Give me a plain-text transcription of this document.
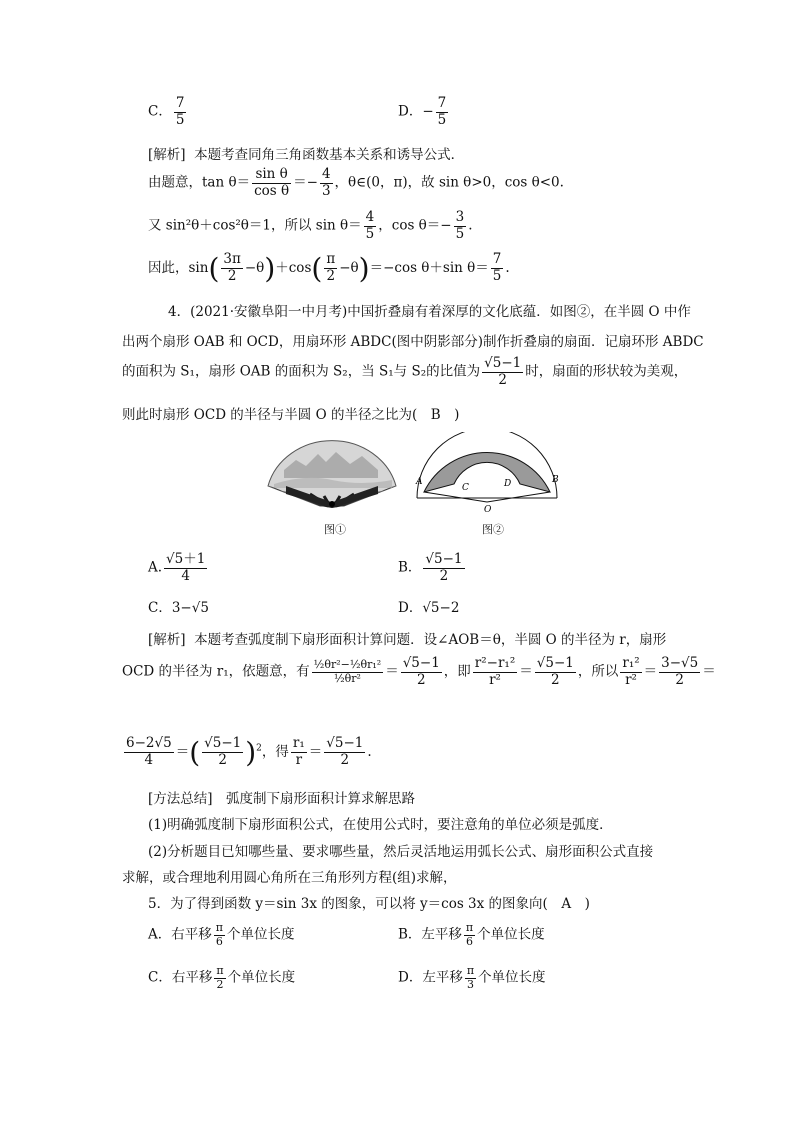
C． $\frac{7}{5}$	D．− $\frac{7}{5}$
[解析] 本题考查同角三角函数基本关系和诱导公式．
由题意，$\tan \theta= \frac{\text{sin θ}}{\text{cos θ}} =- \frac{4}{3}$ ，θ∈(0，π)，故 sin θ>0，cos θ<0.
又 sin²θ＋cos²θ＝1，所以 $\sin \theta= \frac{4}{5}$ ，$\cos \theta=- \frac{3}{5}$ .
因此，$\sin( \frac{3\pi}{2} -\theta)+\cos( \frac{\pi}{2} -\theta)=-\cos$ θ＋sin $\theta= \frac{7}{5}$ .
4．(2021·安徽阜阳一中月考)中国折叠扇有着深厚的文化底蕴．如图②，在半圆 O 中作
出两个扇形 OAB 和 OCD，用扇环形 ABDC(图中阴影部分)制作折叠扇的扇面．记扇环形 ABDC
的面积为 S₁，扇形 OAB 的面积为 S₂，当 S₁与 S₂的比值为 $\frac{√5-1}{2}$ 时，扇面的形状较为美观，
则此时扇形 OCD 的半径与半圆 O 的半径之比为(　B　)
图①
A	B
C	D
O
图②
A. $\frac{√5+1}{4}$	B． $\frac{√5-1}{2}$
C．3−√5	D．√5−2
[解析] 本题考查弧度制下扇形面积计算问题．设∠AOB＝θ，半圆 O 的半径为 r，扇形
OCD 的半径为 r₁，依题意，有 $\frac{\text{½θr²−½θr₁²}}{\text{½θr²}} = \frac{√5-1}{2}$ ，即 $\frac{\text{r²−r₁²}}{\text{r²}} = \frac{√5-1}{2}$ ，所以 $\frac{\text{r₁²}}{\text{r²}} = \frac{3-√5}{2}$ ＝
$\frac{6-2√5}{4}$ ＝( $\frac{√5-1}{2} )^2$，得 $\frac{\text{r₁}}{r} = \frac{√5-1}{2}$ .
[方法总结]　弧度制下扇形面积计算求解思路
(1)明确弧度制下扇形面积公式，在使用公式时，要注意角的单位必须是弧度．
(2)分析题目已知哪些量、要求哪些量，然后灵活地运用弧长公式、扇形面积公式直接
求解，或合理地利用圆心角所在三角形列方程(组)求解，
5．为了得到函数 y＝sin 3x 的图象，可以将 y＝cos 3x 的图象向(　A　)
A．右平移 $\frac{\pi}{6}$ 个单位长度	B．左平移 $\frac{\pi}{6}$ 个单位长度
C．右平移 $\frac{\pi}{2}$ 个单位长度	D．左平移 $\frac{\pi}{3}$ 个单位长度
